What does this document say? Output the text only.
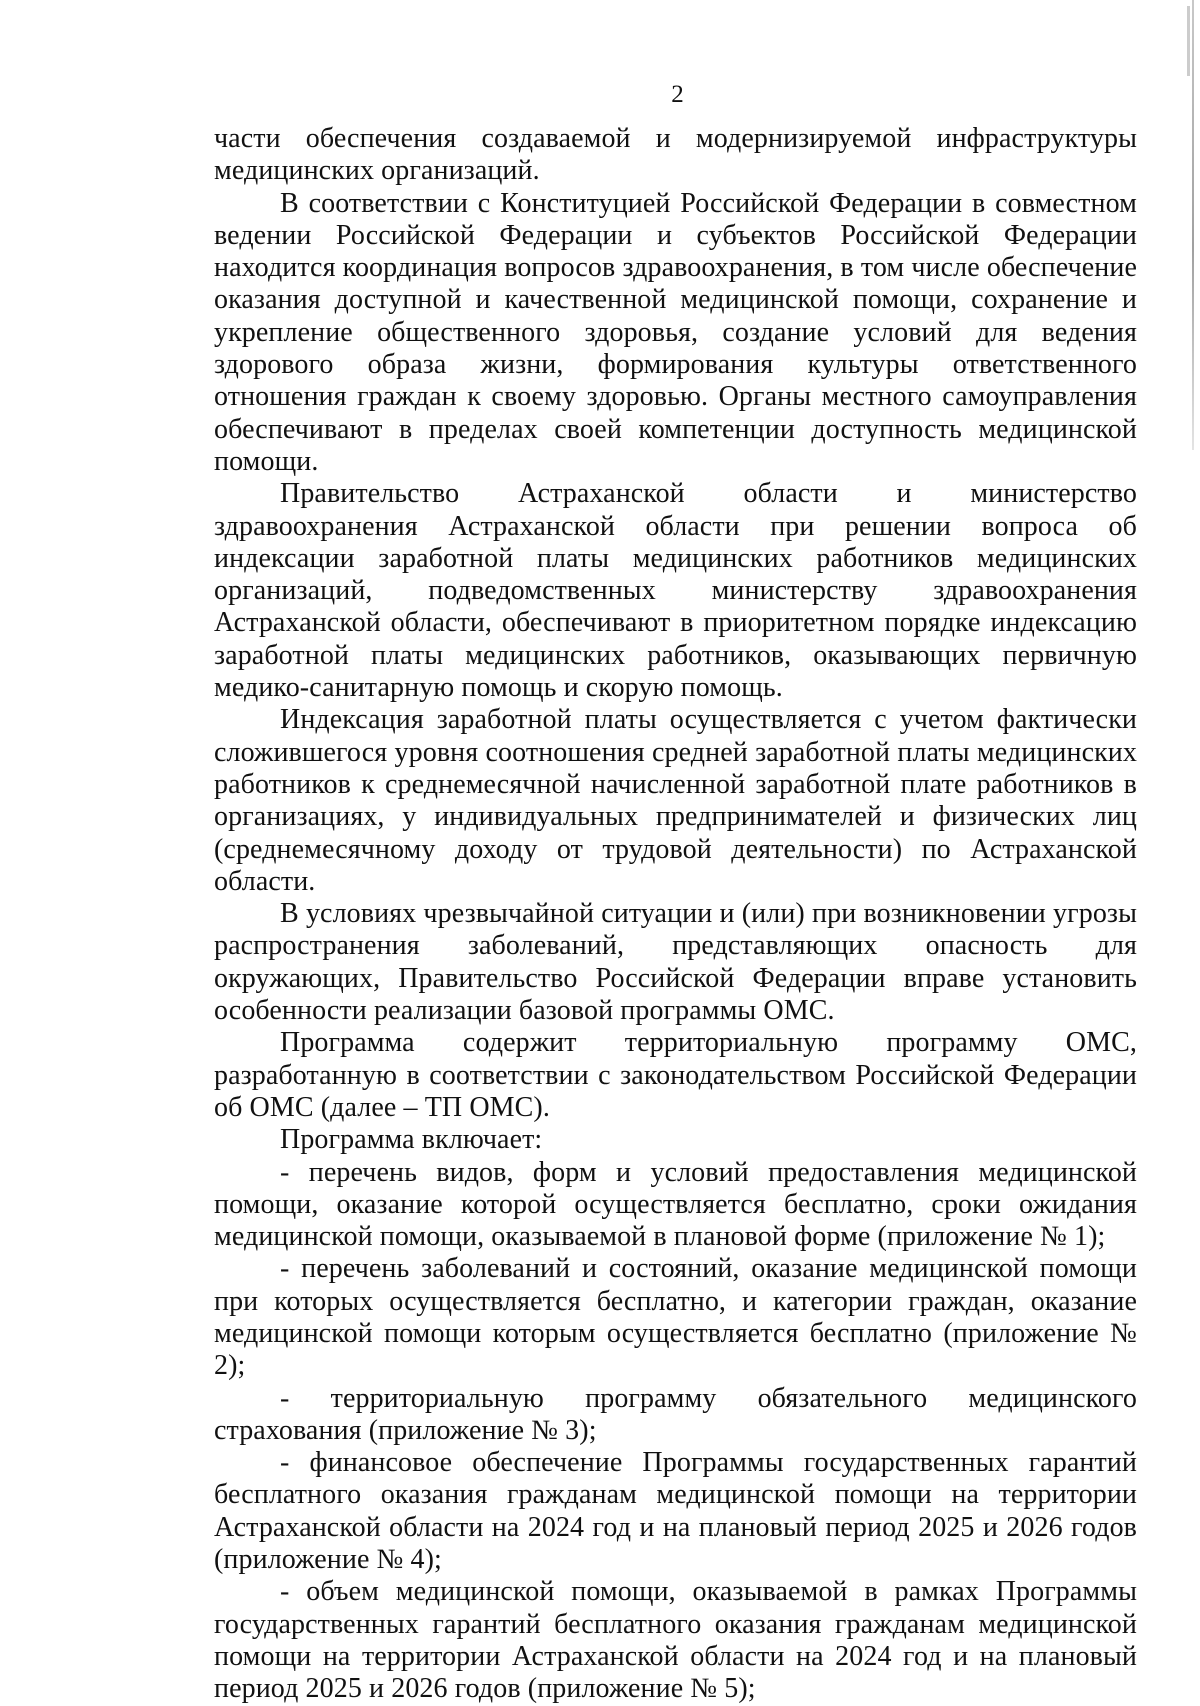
2

части обеспечения создаваемой и модернизируемой инфраструктуры медицинских организаций.

В соответствии с Конституцией Российской Федерации в совместном ведении Российской Федерации и субъектов Российской Федерации находится координация вопросов здравоохранения, в том числе обеспечение оказания доступной и качественной медицинской помощи, сохранение и укрепление общественного здоровья, создание условий для ведения здорового образа жизни, формирования культуры ответственного отношения граждан к своему здоровью. Органы местного самоуправления обеспечивают в пределах своей компетенции доступность медицинской помощи.

Правительство Астраханской области и министерство здравоохранения Астраханской области при решении вопроса об индексации заработной платы медицинских работников медицинских организаций, подведомственных министерству здравоохранения Астраханской области, обеспечивают в приоритетном порядке индексацию заработной платы медицинских работников, оказывающих первичную медико-санитарную помощь и скорую помощь.

Индексация заработной платы осуществляется с учетом фактически сложившегося уровня соотношения средней заработной платы медицинских работников к среднемесячной начисленной заработной плате работников в организациях, у индивидуальных предпринимателей и физических лиц (среднемесячному доходу от трудовой деятельности) по Астраханской области.

В условиях чрезвычайной ситуации и (или) при возникновении угрозы распространения заболеваний, представляющих опасность для окружающих, Правительство Российской Федерации вправе установить особенности реализации базовой программы ОМС.

Программа содержит территориальную программу ОМС, разработанную в соответствии с законодательством Российской Федерации об ОМС (далее – ТП ОМС).

Программа включает:

- перечень видов, форм и условий предоставления медицинской помощи, оказание которой осуществляется бесплатно, сроки ожидания медицинской помощи, оказываемой в плановой форме (приложение № 1);

- перечень заболеваний и состояний, оказание медицинской помощи при которых осуществляется бесплатно, и категории граждан, оказание медицинской помощи которым осуществляется бесплатно (приложение № 2);

- территориальную программу обязательного медицинского страхования (приложение № 3);

- финансовое обеспечение Программы государственных гарантий бесплатного оказания гражданам медицинской помощи на территории Астраханской области на 2024 год и на плановый период 2025 и 2026 годов (приложение № 4);

- объем медицинской помощи, оказываемой в рамках Программы государственных гарантий бесплатного оказания гражданам медицинской помощи на территории Астраханской области на 2024 год и на плановый период 2025 и 2026 годов (приложение № 5);
